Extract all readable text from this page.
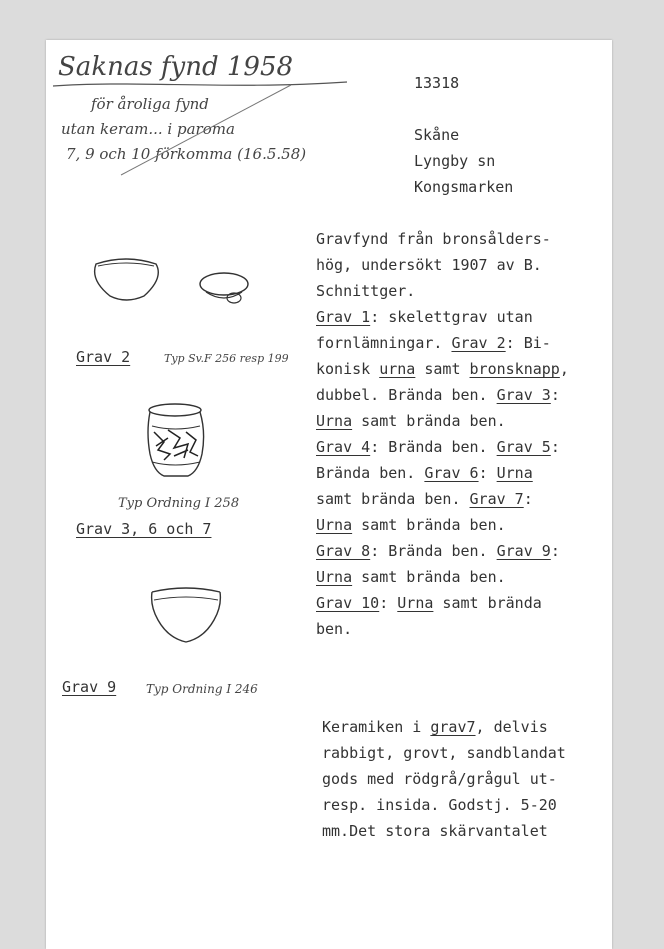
Saknas fynd 1958
för åroliga fynd
utan keram... i paroma
7, 9 och 10 förkomma (16.5.58)
13318
Skåne
Lyngby sn
Kongsmarken
Gravfynd från bronsålders-
hög, undersökt 1907 av B.
Schnittger.
Grav 1: skelettgrav utan
fornlämningar. Grav 2: Bi-
konisk urna samt bronsknapp,
dubbel. Brända ben. Grav 3:
Urna samt brända ben.
Grav 4: Brända ben. Grav 5:
Brända ben. Grav 6: Urna
samt brända ben. Grav 7:
Urna samt brända ben.
Grav 8: Brända ben. Grav 9:
Urna samt brända ben.
Grav 10: Urna samt brända
ben.
Keramiken i grav7, delvis
rabbigt, grovt, sandblandat
gods med rödgrå/grågul ut-
resp. insida. Godstj. 5-20
mm.Det stora skärvantalet
Grav 2	Typ Sv.F 256 resp 199
Typ Ordning I 258
Grav 3, 6 och 7
Grav 9 Typ Ordning I 246
